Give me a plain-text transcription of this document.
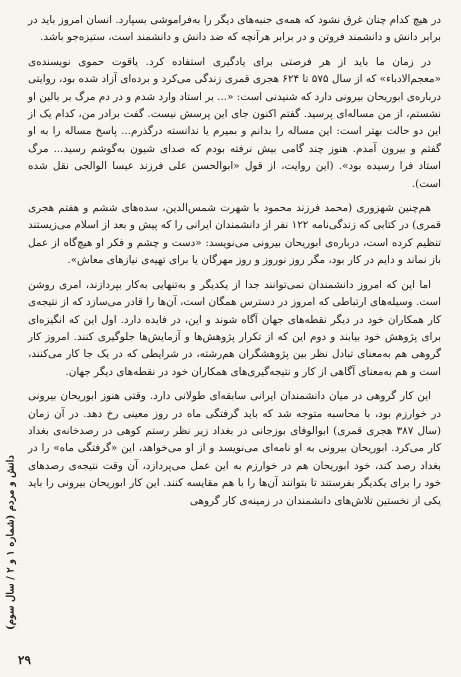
در هیچ کدام چنان غرق نشود که همه‌ی جنبه‌های دیگر را به‌فراموشی بسپارد. انسان امروز باید در برابر دانش و دانشمند فروتن و در برابر هرآنچه که ضد دانش و دانشمند است، ستیزه‌جو باشد.

در زمان ما باید از هر فرصتی برای یادگیری استفاده کرد. یاقوت حموی نویسنده‌ی «معجم‌الادباء» که از سال ۵۷۵ تا ۶۲۴ هجری قمری زندگی می‌کرد و برده‌ای آزاد شده بود، روایتی درباره‌ی ابوریحان بیرونی دارد که شنیدنی است: «... بر استاد وارد شدم و در دم مرگ بر بالین او نشستم، از من مساله‌ای پرسید. گفتم اکنون جای این پرسش نیست. گفت برادر من، کدام یک از این دو حالت بهتر است: این مساله را بدانم و بمیرم یا ندانسته درگذرم... پاسخ مساله را به او گفتم و بیرون آمدم. هنوز چند گامی بیش نرفته بودم که صدای شیون به‌گوشم رسید... مرگ استاد فرا رسیده بود». (این روایت، از قول «ابوالحسن علی فرزند عیسا الوالجی نقل شده است).

هم‌چنین شهزوری (محمد فرزند محمود با شهرت شمس‌الدین، سده‌های ششم و هفتم هجری قمری) در کتابی که زندگی‌نامه ۱۲۲ نفر از دانشمندان ایرانی را که پیش و بعد از اسلام می‌زیستند تنظیم کرده است، درباره‌ی ابوریحان بیرونی می‌نویسد: «دست و چشم و فکر او هیچ‌گاه از عمل باز نماند و دایم در کار بود، مگر روز نوروز و روز مهرگان یا برای تهیه‌ی نیازهای معاش».

اما این که امروز دانشمندان نمی‌توانند جدا از یکدیگر و به‌تنهایی به‌کار بپردازند، امری روشن است. وسیله‌های ارتباطی که امروز در دسترس همگان است، آن‌ها را قادر می‌سازد که از نتیجه‌ی کار همکاران خود در دیگر نقطه‌های جهان آگاه شوند و این، در فایده دارد. اول این که انگیزه‌ای برای پژوهش خود بیابند و دوم این که از تکرار پژوهش‌ها و آزمایش‌ها جلوگیری کنند. امروز کار گروهی هم به‌معنای تبادل نظر بین پژوهشگران هم‌رشته، در شرایطی که در یک جا کار می‌کنند، است و هم به‌معنای آگاهی از کار و نتیجه‌گیری‌های همکاران خود در نقطه‌های دیگر جهان.

این کار گروهی در میان دانشمندان ایرانی سابقه‌ای طولانی دارد. وقتی هنوز ابوریحان بیرونی در خوارزم بود، با محاسبه متوجه شد که باید گرفتگی ماه در روز معینی رخ دهد. در آن زمان (سال ۳۸۷ هجری قمری) ابوالوفای بوزجانی در بغداد زیر نظر رستم کوهی در رصدخانه‌ی بغداد کار می‌کرد. ابوریحان بیرونی به او نامه‌ای می‌نویسد و از او می‌خواهد، این «گرفتگی ماه» را در بغداد رصد کند، خود ابوریحان هم در خوارزم به این عمل می‌پردازد، آن وقت نتیجه‌ی رصدهای خود را برای یکدیگر بفرستند تا بتوانند آن‌ها را با هم مقایسه کنند. این کار ابوریحان بیرونی را باید یکی از نخستین تلاش‌های دانشمندان در زمینه‌ی کار گروهی

دانش و مردم (شماره ۱ و ۲ / سال سوم)
۲۹
